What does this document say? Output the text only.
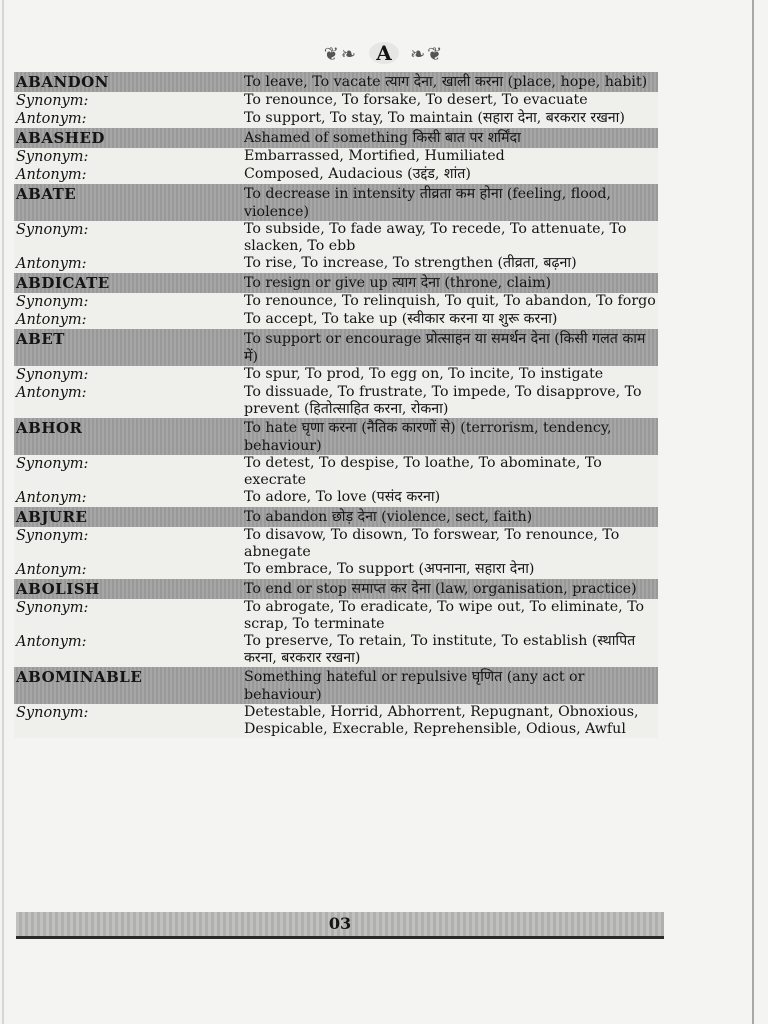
❦❧ A ❧❦
ABANDON	To leave, To vacate त्याग देना, खाली करना (place, hope, habit)
Synonym:	To renounce, To forsake, To desert, To evacuate
Antonym:	To support, To stay, To maintain (सहारा देना, बरकरार रखना)
ABASHED	Ashamed of something किसी बात पर शर्मिंदा
Synonym:	Embarrassed, Mortified, Humiliated
Antonym:	Composed, Audacious (उद्दंड, शांत)
ABATE	To decrease in intensity तीव्रता कम होना (feeling, flood, violence)
Synonym:	To subside, To fade away, To recede, To attenuate, To slacken, To ebb
Antonym:	To rise, To increase, To strengthen (तीव्रता, बढ़ना)
ABDICATE	To resign or give up त्याग देना (throne, claim)
Synonym:	To renounce, To relinquish, To quit, To abandon, To forgo
Antonym:	To accept, To take up (स्वीकार करना या शुरू करना)
ABET	To support or encourage प्रोत्साहन या समर्थन देना (किसी गलत काम में)
Synonym:	To spur, To prod, To egg on, To incite, To instigate
Antonym:	To dissuade, To frustrate, To impede, To disapprove, To prevent (हितोत्साहित करना, रोकना)
ABHOR	To hate घृणा करना (नैतिक कारणों से) (terrorism, tendency, behaviour)
Synonym:	To detest, To despise, To loathe, To abominate, To execrate
Antonym:	To adore, To love (पसंद करना)
ABJURE	To abandon छोड़ देना (violence, sect, faith)
Synonym:	To disavow, To disown, To forswear, To renounce, To abnegate
Antonym:	To embrace, To support (अपनाना, सहारा देना)
ABOLISH	To end or stop समाप्त कर देना (law, organisation, practice)
Synonym:	To abrogate, To eradicate, To wipe out, To eliminate, To scrap, To terminate
Antonym:	To preserve, To retain, To institute, To establish (स्थापित करना, बरकरार रखना)
ABOMINABLE	Something hateful or repulsive घृणित (any act or behaviour)
Synonym:	Detestable, Horrid, Abhorrent, Repugnant, Obnoxious, Despicable, Execrable, Reprehensible, Odious, Awful
03
